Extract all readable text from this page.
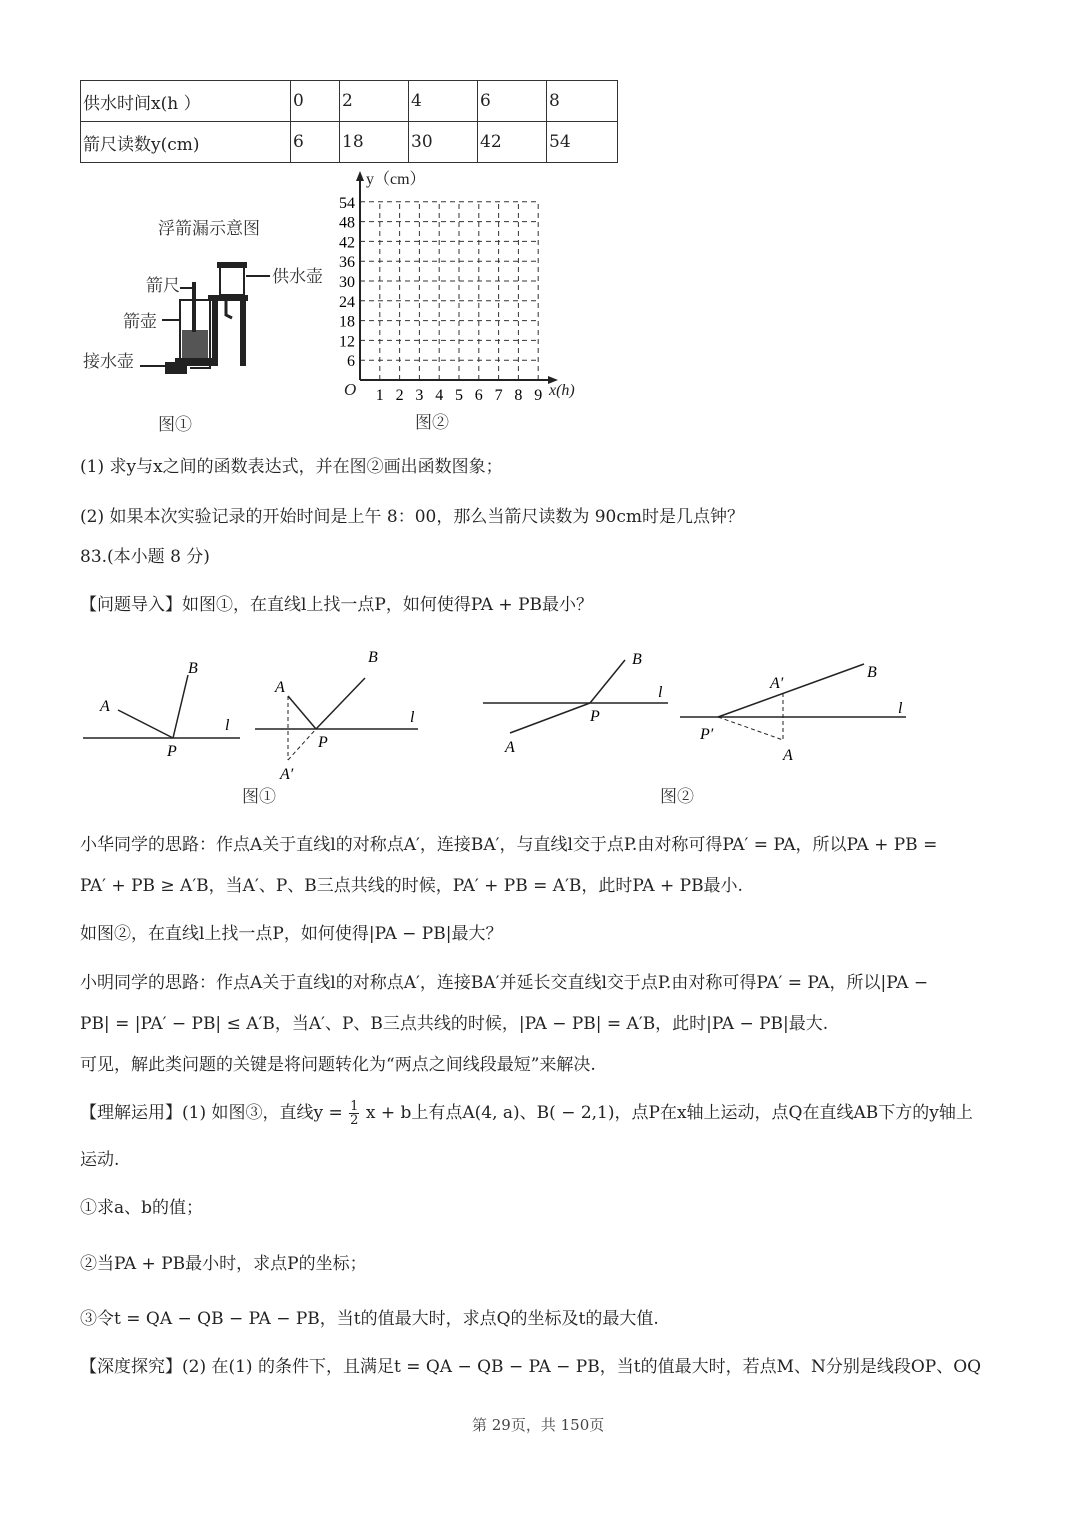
供水时间x(h ）	0	2	4	6	8
箭尺读数y(cm)	6	18	30	42	54
浮箭漏示意图
供水壶
箭尺
箭壶
接水壶
图①
y（cm）
x(h)
O
54
48
42
36
30
24
18
12
6
1 2 3 4 5 6 7 8 9
图②
(1) 求y与x之间的函数表达式，并在图②画出函数图象；
(2) 如果本次实验记录的开始时间是上午 8：00，那么当箭尺读数为 90cm时是几点钟？
83.(本小题 8 分)
【问题导入】如图①，在直线l上找一点P，如何使得PA + PB最小？
A
B
P
l
A
B
P
A′
l
图①
A
B
P
l
A′
B
P′
A
l
图②
小华同学的思路：作点A关于直线l的对称点A′，连接BA′，与直线l交于点P.由对称可得PA′ = PA，所以PA + PB =
PA′ + PB ≥ A′B，当A′、P、B三点共线的时候，PA′ + PB = A′B，此时PA + PB最小.
如图②，在直线l上找一点P，如何使得|PA − PB|最大？
小明同学的思路：作点A关于直线l的对称点A′，连接BA′并延长交直线l交于点P.由对称可得PA′ = PA，所以|PA −
PB| = |PA′ − PB| ≤ A′B，当A′、P、B三点共线的时候，|PA − PB| = A′B，此时|PA − PB|最大.
可见，解此类问题的关键是将问题转化为“两点之间线段最短”来解决.
【理解运用】(1) 如图③，直线$y = \frac{1}{2}$ x + b上有点A(4, a)、B( − 2,1)，点P在x轴上运动，点Q在直线AB下方的y轴上
运动.
①求a、b的值；
②当PA + PB最小时，求点P的坐标；
③令t = QA − QB − PA − PB，当t的值最大时，求点Q的坐标及t的最大值.
【深度探究】(2) 在(1) 的条件下，且满足t = QA − QB − PA − PB，当t的值最大时，若点M、N分别是线段OP、OQ
第 29页，共 150页
